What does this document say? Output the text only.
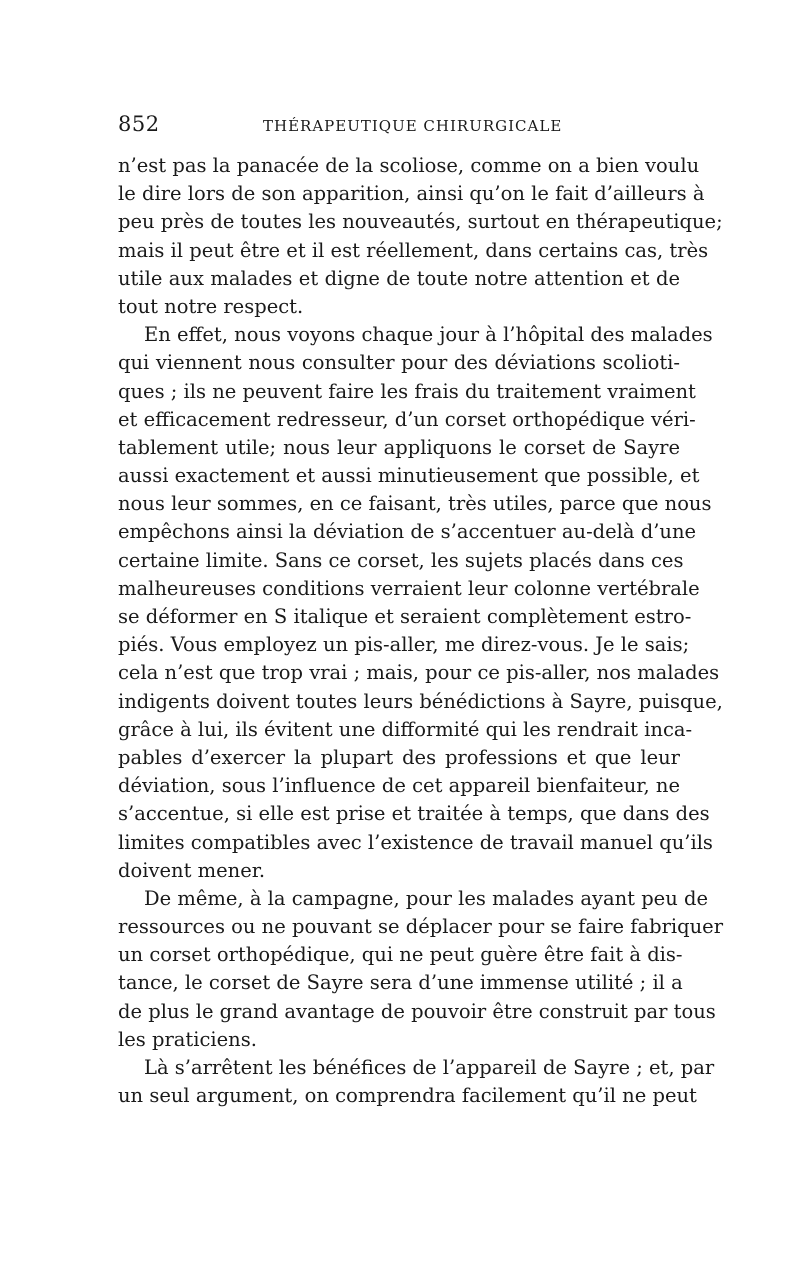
852	THÉRAPEUTIQUE CHIRURGICALE
n’est pas la panacée de la scoliose, comme on a bien voulu
le dire lors de son apparition, ainsi qu’on le fait d’ailleurs à
peu près de toutes les nouveautés, surtout en thérapeutique;
mais il peut être et il est réellement, dans certains cas, très
utile aux malades et digne de toute notre attention et de
tout notre respect.
En effet, nous voyons chaque jour à l’hôpital des malades
qui viennent nous consulter pour des déviations scolioti-
ques ; ils ne peuvent faire les frais du traitement vraiment
et efficacement redresseur, d’un corset orthopédique véri-
tablement utile; nous leur appliquons le corset de Sayre
aussi exactement et aussi minutieusement que possible, et
nous leur sommes, en ce faisant, très utiles, parce que nous
empêchons ainsi la déviation de s’accentuer au-delà d’une
certaine limite. Sans ce corset, les sujets placés dans ces
malheureuses conditions verraient leur colonne vertébrale
se déformer en S italique et seraient complètement estro-
piés. Vous employez un pis-aller, me direz-vous. Je le sais;
cela n’est que trop vrai ; mais, pour ce pis-aller, nos malades
indigents doivent toutes leurs bénédictions à Sayre, puisque,
grâce à lui, ils évitent une difformité qui les rendrait inca-
pables d’exercer la plupart des professions et que leur
déviation, sous l’influence de cet appareil bienfaiteur, ne
s’accentue, si elle est prise et traitée à temps, que dans des
limites compatibles avec l’existence de travail manuel qu’ils
doivent mener.
De même, à la campagne, pour les malades ayant peu de
ressources ou ne pouvant se déplacer pour se faire fabriquer
un corset orthopédique, qui ne peut guère être fait à dis-
tance, le corset de Sayre sera d’une immense utilité ; il a
de plus le grand avantage de pouvoir être construit par tous
les praticiens.
Là s’arrêtent les bénéfices de l’appareil de Sayre ; et, par
un seul argument, on comprendra facilement qu’il ne peut
